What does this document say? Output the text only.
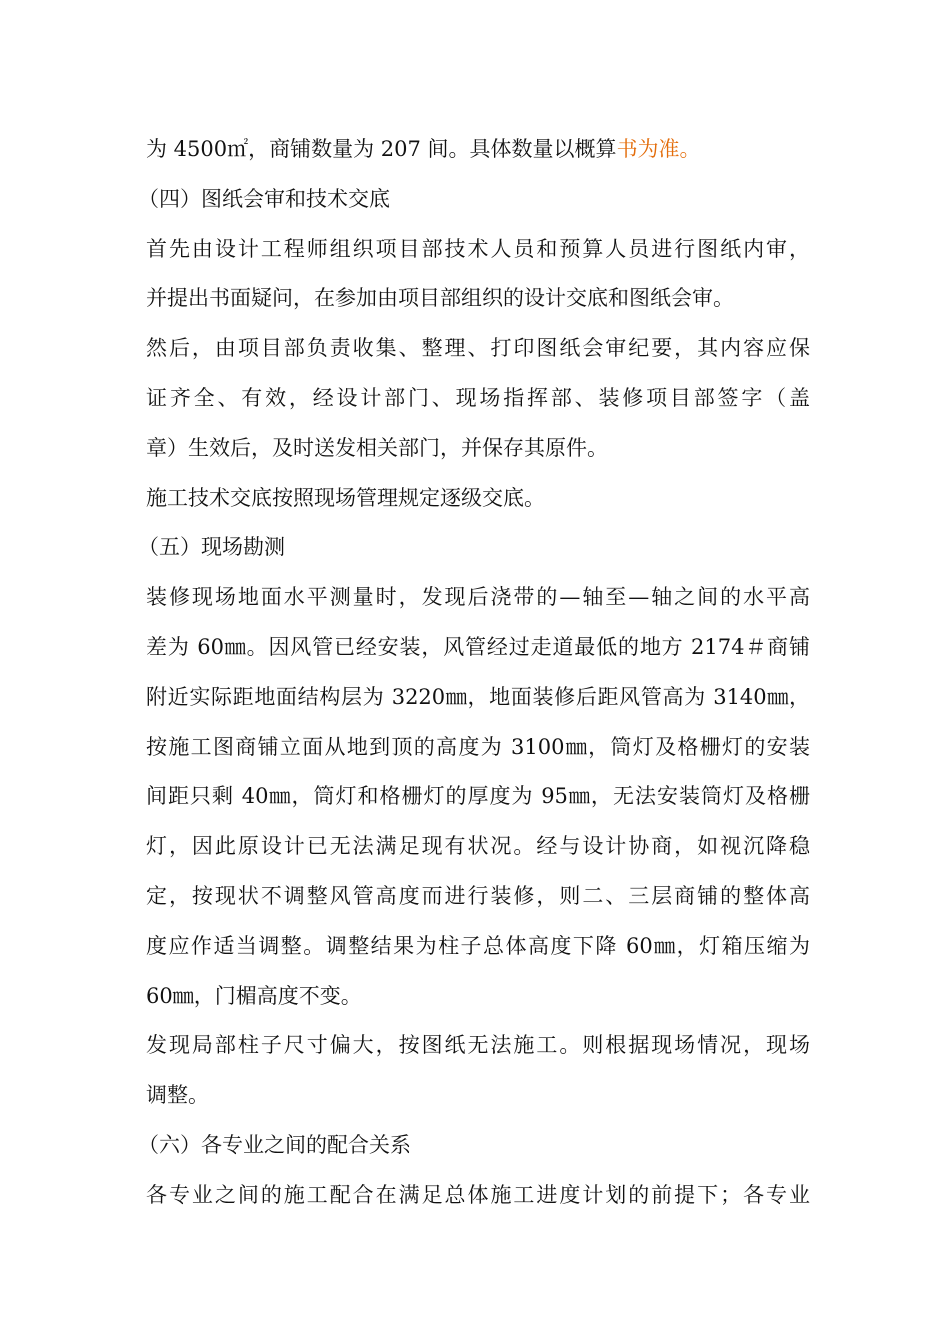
为 4500㎡，商铺数量为 207 间。具体数量以概算书为准。
（四）图纸会审和技术交底
首先由设计工程师组织项目部技术人员和预算人员进行图纸内审，
并提出书面疑问，在参加由项目部组织的设计交底和图纸会审。
然后，由项目部负责收集、整理、打印图纸会审纪要，其内容应保
证齐全、有效，经设计部门、现场指挥部、装修项目部签字（盖
章）生效后，及时送发相关部门，并保存其原件。
施工技术交底按照现场管理规定逐级交底。
（五）现场勘测
装修现场地面水平测量时，发现后浇带的—轴至—轴之间的水平高
差为 60㎜。因风管已经安装，风管经过走道最低的地方 2174＃商铺
附近实际距地面结构层为 3220㎜，地面装修后距风管高为 3140㎜，
按施工图商铺立面从地到顶的高度为 3100㎜，筒灯及格栅灯的安装
间距只剩 40㎜，筒灯和格栅灯的厚度为 95㎜，无法安装筒灯及格栅
灯，因此原设计已无法满足现有状况。经与设计协商，如视沉降稳
定，按现状不调整风管高度而进行装修，则二、三层商铺的整体高
度应作适当调整。调整结果为柱子总体高度下降 60㎜，灯箱压缩为
60㎜，门楣高度不变。
发现局部柱子尺寸偏大，按图纸无法施工。则根据现场情况，现场
调整。
（六）各专业之间的配合关系
各专业之间的施工配合在满足总体施工进度计划的前提下；各专业
